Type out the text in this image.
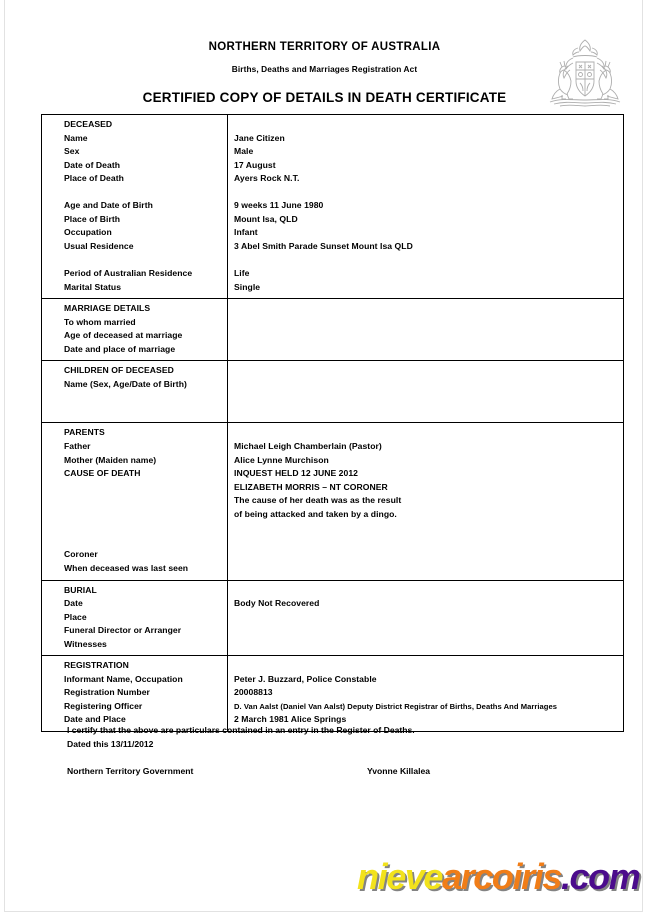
NORTHERN TERRITORY OF AUSTRALIA
Births, Deaths and Marriages Registration Act
CERTIFIED COPY OF DETAILS IN DEATH CERTIFICATE
DECEASED
Name
Sex
Date of Death
Place of Death
Age and Date of Birth
Place of Birth
Occupation
Usual Residence
Period of Australian Residence
Marital Status
Jane Citizen
Male
17 August
Ayers Rock N.T.
9 weeks 11 June 1980
Mount Isa, QLD
Infant
3 Abel Smith Parade Sunset Mount Isa QLD
Life
Single
MARRIAGE DETAILS
To whom married
Age of deceased at marriage
Date and place of marriage
CHILDREN OF DECEASED
Name (Sex, Age/Date of Birth)
PARENTS
Father
Mother (Maiden name)
CAUSE OF DEATH
Coroner
When deceased was last seen
Michael Leigh Chamberlain (Pastor)
Alice Lynne Murchison
INQUEST HELD 12 JUNE 2012
ELIZABETH MORRIS – NT CORONER
The cause of her death was as the result
of being attacked and taken by a dingo.
BURIAL
Date
Place
Funeral Director or Arranger
Witnesses
Body Not Recovered
REGISTRATION
Informant Name, Occupation
Registration Number
Registering Officer
Date and Place
Peter J. Buzzard, Police Constable
20008813
D. Van Aalst (Daniel Van Aalst) Deputy District Registrar of Births, Deaths And Marriages
2 March 1981 Alice Springs
I certify that the above are particulars contained in an entry in the Register of Deaths.
Dated this 13/11/2012
Northern Territory Government	Yvonne Killalea
nievearcoiris.com
